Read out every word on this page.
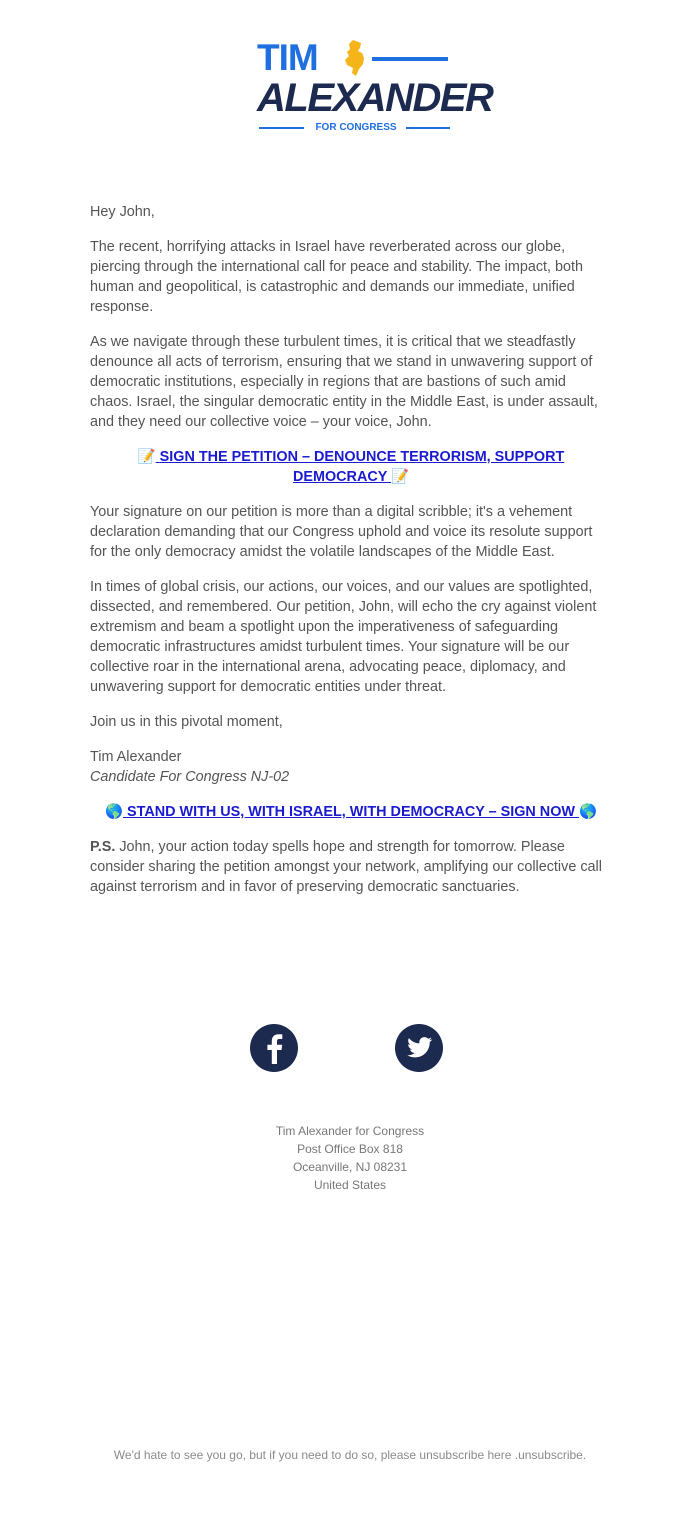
TIM
ALEXANDER
FOR CONGRESS

Hey John,

The recent, horrifying attacks in Israel have reverberated across our globe, piercing through the international call for peace and stability. The impact, both human and geopolitical, is catastrophic and demands our immediate, unified response.

As we navigate through these turbulent times, it is critical that we steadfastly denounce all acts of terrorism, ensuring that we stand in unwavering support of democratic institutions, especially in regions that are bastions of such amid chaos. Israel, the singular democratic entity in the Middle East, is under assault, and they need our collective voice – your voice, John.

📝 SIGN THE PETITION – DENOUNCE TERRORISM, SUPPORT DEMOCRACY 📝

Your signature on our petition is more than a digital scribble; it's a vehement declaration demanding that our Congress uphold and voice its resolute support for the only democracy amidst the volatile landscapes of the Middle East.

In times of global crisis, our actions, our voices, and our values are spotlighted, dissected, and remembered. Our petition, John, will echo the cry against violent extremism and beam a spotlight upon the imperativeness of safeguarding democratic infrastructures amidst turbulent times. Your signature will be our collective roar in the international arena, advocating peace, diplomacy, and unwavering support for democratic entities under threat.

Join us in this pivotal moment,

Tim Alexander
Candidate For Congress NJ-02

🌎 STAND WITH US, WITH ISRAEL, WITH DEMOCRACY – SIGN NOW 🌎

P.S. John, your action today spells hope and strength for tomorrow. Please consider sharing the petition amongst your network, amplifying our collective call against terrorism and in favor of preserving democratic sanctuaries.

Tim Alexander for Congress
Post Office Box 818
Oceanville, NJ 08231
United States
We'd hate to see you go, but if you need to do so, please unsubscribe here .unsubscribe.
